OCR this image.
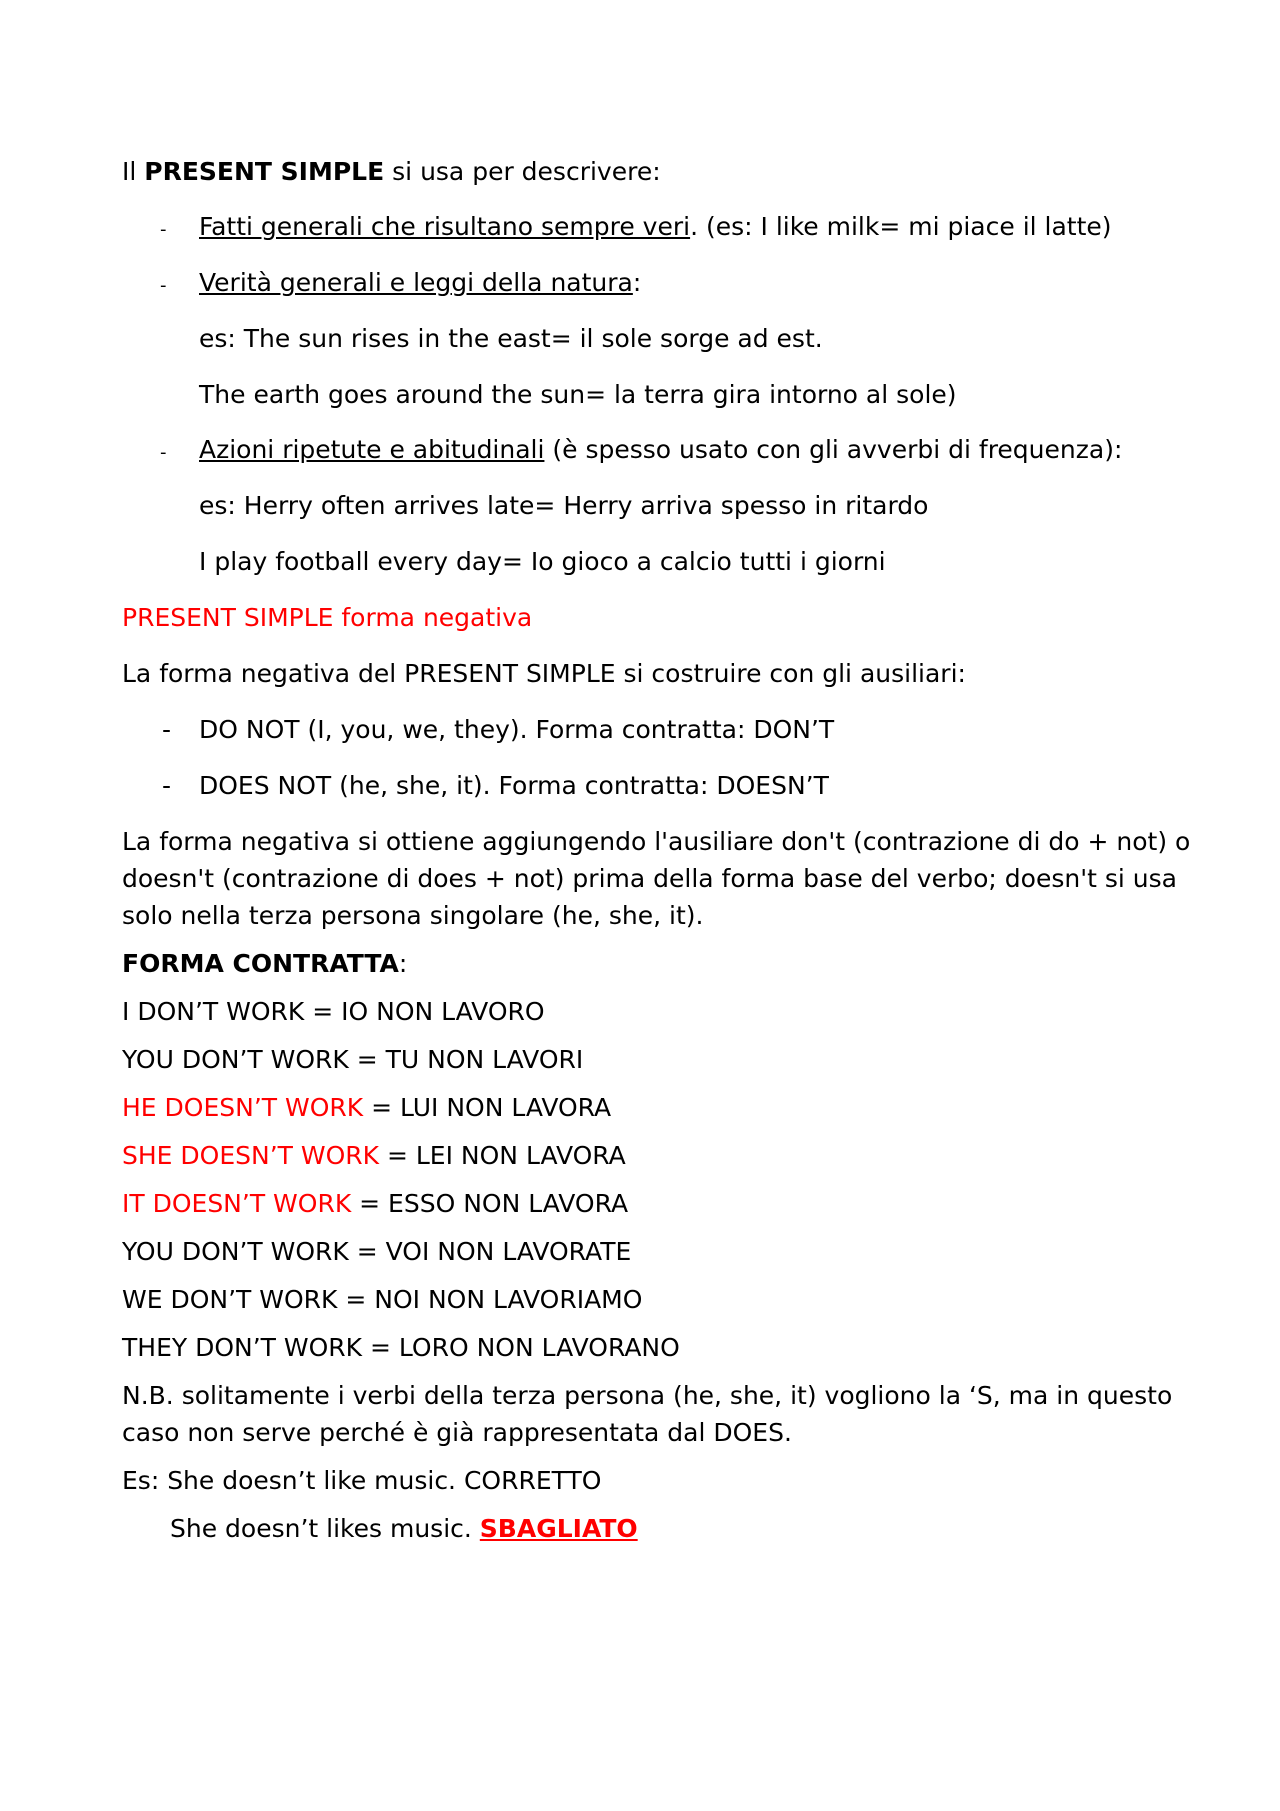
Il PRESENT SIMPLE si usa per descrivere:
- Fatti generali che risultano sempre veri. (es: I like milk= mi piace il latte)
- Verità generali e leggi della natura:
es: The sun rises in the east= il sole sorge ad est.
The earth goes around the sun= la terra gira intorno al sole)
- Azioni ripetute e abitudinali (è spesso usato con gli avverbi di frequenza):
es: Herry often arrives late= Herry arriva spesso in ritardo
I play football every day= Io gioco a calcio tutti i giorni
PRESENT SIMPLE forma negativa
La forma negativa del PRESENT SIMPLE si costruire con gli ausiliari:
- DO NOT (I, you, we, they). Forma contratta: DON’T
- DOES NOT (he, she, it). Forma contratta: DOESN’T
La forma negativa si ottiene aggiungendo l'ausiliare don't (contrazione di do + not) o
doesn't (contrazione di does + not) prima della forma base del verbo; doesn't si usa
solo nella terza persona singolare (he, she, it).
FORMA CONTRATTA:
I DON’T WORK = IO NON LAVORO
YOU DON’T WORK = TU NON LAVORI
HE DOESN’T WORK = LUI NON LAVORA
SHE DOESN’T WORK = LEI NON LAVORA
IT DOESN’T WORK = ESSO NON LAVORA
YOU DON’T WORK = VOI NON LAVORATE
WE DON’T WORK = NOI NON LAVORIAMO
THEY DON’T WORK = LORO NON LAVORANO
N.B. solitamente i verbi della terza persona (he, she, it) vogliono la ‘S, ma in questo
caso non serve perché è già rappresentata dal DOES.
Es: She doesn’t like music. CORRETTO
She doesn’t likes music. SBAGLIATO
